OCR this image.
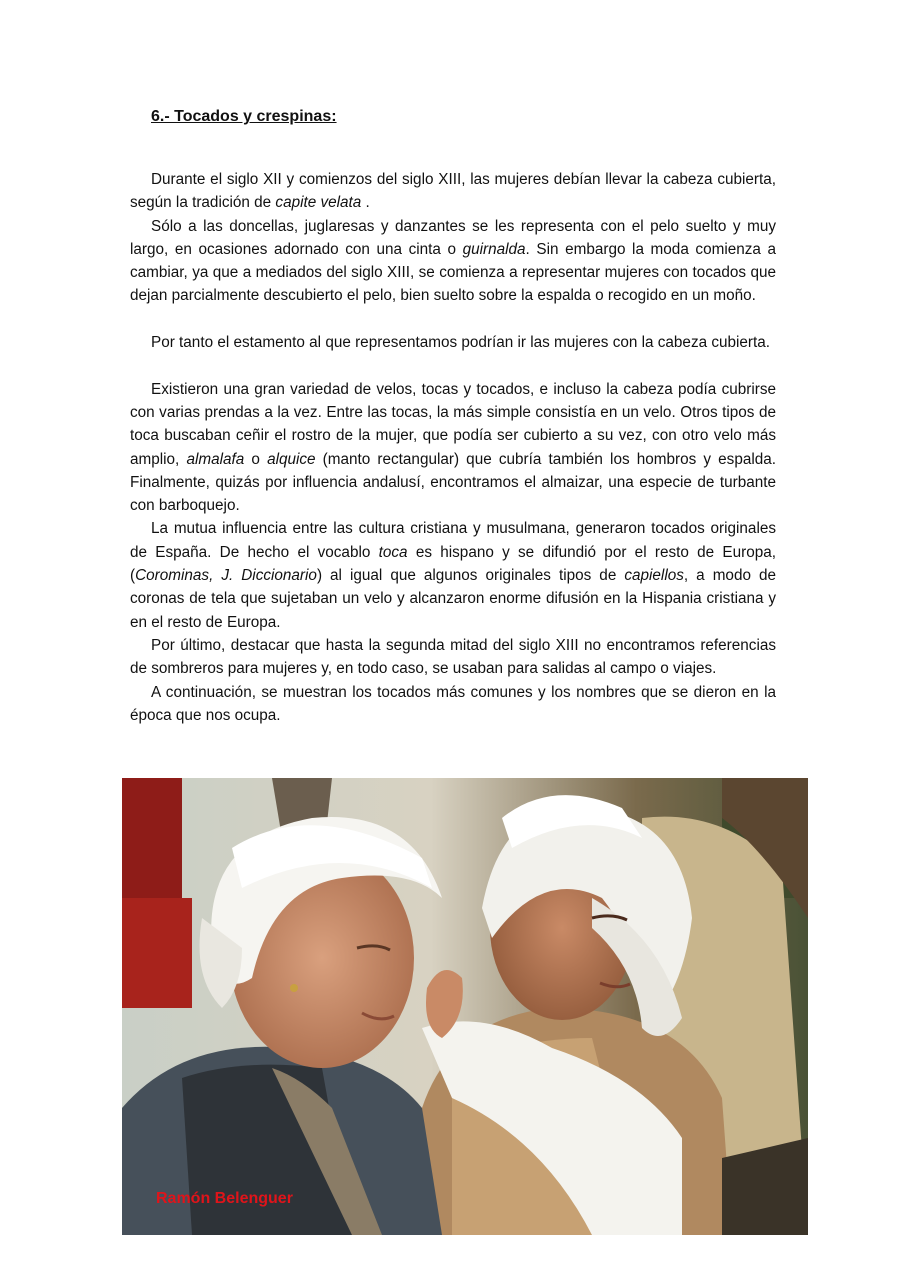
6.- Tocados y crespinas:

Durante el siglo XII y comienzos del siglo XIII, las mujeres debían llevar la cabeza cubierta, según la tradición de capite velata .

Sólo a las doncellas, juglaresas y danzantes se les representa con el pelo suelto y muy largo, en ocasiones adornado con una cinta o guirnalda. Sin embargo la moda comienza a cambiar, ya que a mediados del siglo XIII, se comienza a representar mujeres con tocados que dejan parcialmente descubierto el pelo, bien suelto sobre la espalda o recogido en un moño.

Por tanto el estamento al que representamos podrían ir las mujeres con la cabeza cubierta.

Existieron una gran variedad de velos, tocas y tocados, e incluso la cabeza podía cubrirse con varias prendas a la vez. Entre las tocas, la más simple consistía en un velo. Otros tipos de toca buscaban ceñir el rostro de la mujer, que podía ser cubierto a su vez, con otro velo más amplio, almalafa o alquice (manto rectangular) que cubría también los hombros y espalda. Finalmente, quizás por influencia andalusí, encontramos el almaizar, una especie de turbante con barboquejo.

La mutua influencia entre las cultura cristiana y musulmana, generaron tocados originales de España. De hecho el vocablo toca es hispano y se difundió por el resto de Europa, (Corominas, J. Diccionario) al igual que algunos originales tipos de capiellos, a modo de coronas de tela que sujetaban un velo y alcanzaron enorme difusión en la Hispania cristiana y en el resto de Europa.

Por último, destacar que hasta la segunda mitad del siglo XIII no encontramos referencias de sombreros para mujeres y, en todo caso, se usaban para salidas al campo o viajes.

A continuación, se muestran los tocados más comunes y los nombres que se dieron en la época que nos ocupa.

Ramón Belenguer
